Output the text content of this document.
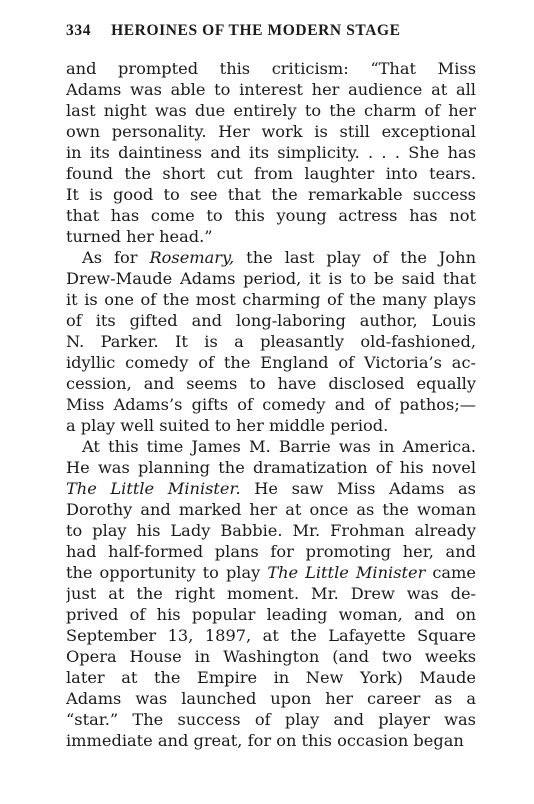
334 HEROINES OF THE MODERN STAGE
and prompted this criticism: “That Miss
Adams was able to interest her audience at all
last night was due entirely to the charm of her
own personality. Her work is still exceptional
in its daintiness and its simplicity. . . . She has
found the short cut from laughter into tears.
It is good to see that the remarkable success
that has come to this young actress has not
turned her head.”
As for Rosemary, the last play of the John
Drew-Maude Adams period, it is to be said that
it is one of the most charming of the many plays
of its gifted and long-laboring author, Louis
N. Parker. It is a pleasantly old-fashioned,
idyllic comedy of the England of Victoria’s ac-
cession, and seems to have disclosed equally
Miss Adams’s gifts of comedy and of pathos;—
a play well suited to her middle period.
At this time James M. Barrie was in America.
He was planning the dramatization of his novel
The Little Minister. He saw Miss Adams as
Dorothy and marked her at once as the woman
to play his Lady Babbie. Mr. Frohman already
had half-formed plans for promoting her, and
the opportunity to play The Little Minister came
just at the right moment. Mr. Drew was de-
prived of his popular leading woman, and on
September 13, 1897, at the Lafayette Square
Opera House in Washington (and two weeks
later at the Empire in New York) Maude
Adams was launched upon her career as a
“star.” The success of play and player was
immediate and great, for on this occasion began
